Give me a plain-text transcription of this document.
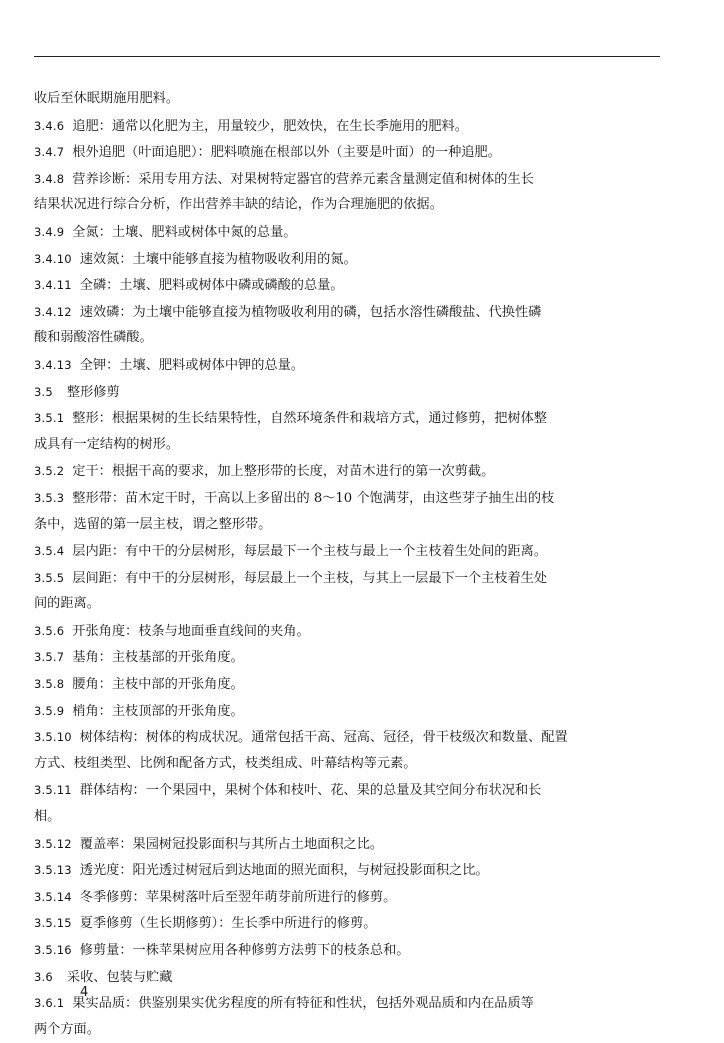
收后至休眠期施用肥料。
3.4.6 追肥：通常以化肥为主，用量较少，肥效快，在生长季施用的肥料。
3.4.7 根外追肥（叶面追肥）：肥料喷施在根部以外（主要是叶面）的一种追肥。
3.4.8 营养诊断：采用专用方法、对果树特定器官的营养元素含量测定值和树体的生长
结果状况进行综合分析，作出营养丰缺的结论，作为合理施肥的依据。
3.4.9 全氮：土壤、肥料或树体中氮的总量。
3.4.10 速效氮：土壤中能够直接为植物吸收利用的氮。
3.4.11 全磷：土壤、肥料或树体中磷或磷酸的总量。
3.4.12 速效磷：为土壤中能够直接为植物吸收利用的磷，包括水溶性磷酸盐、代换性磷
酸和弱酸溶性磷酸。
3.4.13 全钾：土壤、肥料或树体中钾的总量。
3.5 整形修剪
3.5.1 整形：根据果树的生长结果特性，自然环境条件和栽培方式，通过修剪，把树体整
成具有一定结构的树形。
3.5.2 定干：根据干高的要求，加上整形带的长度，对苗木进行的第一次剪截。
3.5.3 整形带：苗木定干时，干高以上多留出的 8～10 个饱满芽，由这些芽子抽生出的枝
条中，选留的第一层主枝，谓之整形带。
3.5.4 层内距：有中干的分层树形，每层最下一个主枝与最上一个主枝着生处间的距离。
3.5.5 层间距：有中干的分层树形，每层最上一个主枝，与其上一层最下一个主枝着生处
间的距离。
3.5.6 开张角度：枝条与地面垂直线间的夹角。
3.5.7 基角：主枝基部的开张角度。
3.5.8 腰角：主枝中部的开张角度。
3.5.9 梢角：主枝顶部的开张角度。
3.5.10 树体结构：树体的构成状况。通常包括干高、冠高、冠径，骨干枝级次和数量、配置
方式、枝组类型、比例和配备方式，枝类组成、叶幕结构等元素。
3.5.11 群体结构：一个果园中，果树个体和枝叶、花、果的总量及其空间分布状况和长
相。
3.5.12 覆盖率：果园树冠投影面积与其所占土地面积之比。
3.5.13 透光度：阳光透过树冠后到达地面的照光面积，与树冠投影面积之比。
3.5.14 冬季修剪：苹果树落叶后至翌年萌芽前所进行的修剪。
3.5.15 夏季修剪（生长期修剪）：生长季中所进行的修剪。
3.5.16 修剪量：一株苹果树应用各种修剪方法剪下的枝条总和。
3.6 采收、包装与贮藏
3.6.1 果实品质：供鉴别果实优劣程度的所有特征和性状，包括外观品质和内在品质等
两个方面。
4
